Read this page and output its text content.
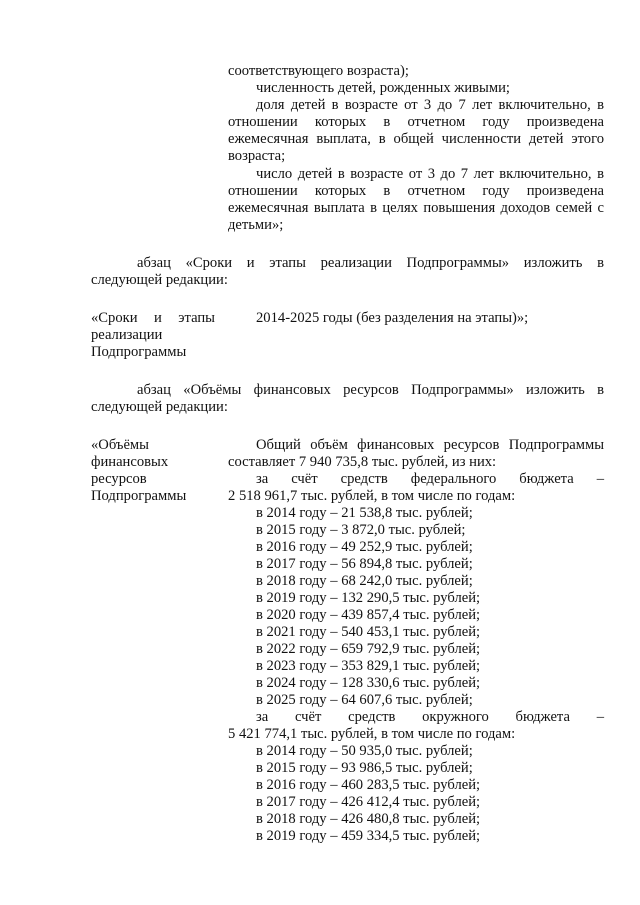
соответствующего возраста);
численность детей, рожденных живыми;
доля детей в возрасте от 3 до 7 лет включительно, в
отношении которых в отчетном году произведена
ежемесячная выплата, в общей численности детей этого
возраста;
число детей в возрасте от 3 до 7 лет включительно, в
отношении которых в отчетном году произведена
ежемесячная выплата в целях повышения доходов семей с
детьми»;
абзац «Сроки и этапы реализации Подпрограммы» изложить в
следующей редакции:
«Сроки и этапы
реализации
Подпрограммы
2014-2025 годы (без разделения на этапы)»;
абзац «Объёмы финансовых ресурсов Подпрограммы» изложить в
следующей редакции:
«Объёмы
финансовых
ресурсов
Подпрограммы
Общий объём финансовых ресурсов Подпрограммы
составляет 7 940 735,8 тыс. рублей, из них:
за счёт средств федерального бюджета –
2 518 961,7 тыс. рублей, в том числе по годам:
в 2014 году – 21 538,8 тыс. рублей;
в 2015 году – 3 872,0 тыс. рублей;
в 2016 году – 49 252,9 тыс. рублей;
в 2017 году – 56 894,8 тыс. рублей;
в 2018 году – 68 242,0 тыс. рублей;
в 2019 году – 132 290,5 тыс. рублей;
в 2020 году – 439 857,4 тыс. рублей;
в 2021 году – 540 453,1 тыс. рублей;
в 2022 году – 659 792,9 тыс. рублей;
в 2023 году – 353 829,1 тыс. рублей;
в 2024 году – 128 330,6 тыс. рублей;
в 2025 году – 64 607,6 тыс. рублей;
за счёт средств окружного бюджета –
5 421 774,1 тыс. рублей, в том числе по годам:
в 2014 году – 50 935,0 тыс. рублей;
в 2015 году – 93 986,5 тыс. рублей;
в 2016 году – 460 283,5 тыс. рублей;
в 2017 году – 426 412,4 тыс. рублей;
в 2018 году – 426 480,8 тыс. рублей;
в 2019 году – 459 334,5 тыс. рублей;
